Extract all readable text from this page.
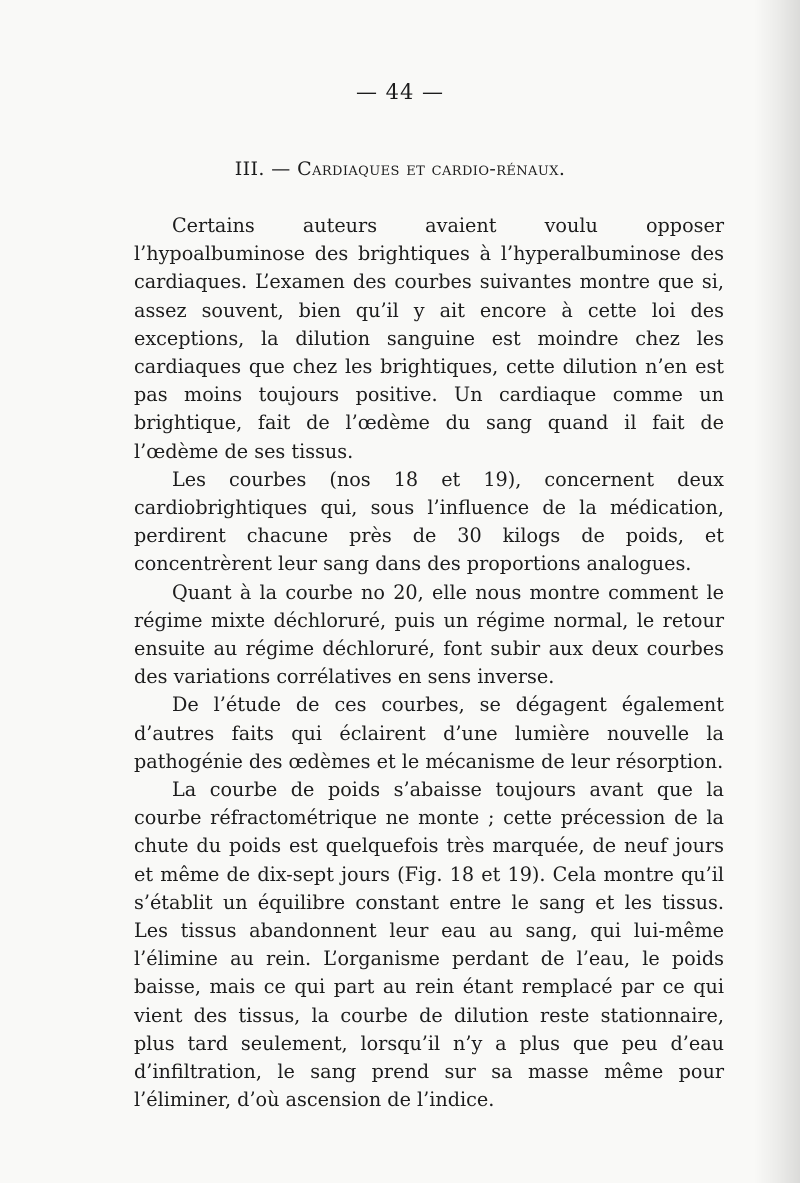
— 44 —
III. — Cardiaques et cardio-rénaux.

Certains auteurs avaient voulu opposer l’hypoalbuminose des brightiques à l’hyperalbuminose des cardiaques. L’examen des courbes suivantes montre que si, assez souvent, bien qu’il y ait encore à cette loi des exceptions, la dilution sanguine est moindre chez les cardiaques que chez les brightiques, cette dilution n’en est pas moins toujours positive. Un cardiaque comme un brightique, fait de l’œdème du sang quand il fait de l’œdème de ses tissus.

Les courbes (nos 18 et 19), concernent deux cardiobrightiques qui, sous l’influence de la médication, perdirent chacune près de 30 kilogs de poids, et concentrèrent leur sang dans des proportions analogues.

Quant à la courbe no 20, elle nous montre comment le régime mixte déchloruré, puis un régime normal, le retour ensuite au régime déchloruré, font subir aux deux courbes des variations corrélatives en sens inverse.

De l’étude de ces courbes, se dégagent également d’autres faits qui éclairent d’une lumière nouvelle la pathogénie des œdèmes et le mécanisme de leur résorption.

La courbe de poids s’abaisse toujours avant que la courbe réfractométrique ne monte ; cette précession de la chute du poids est quelquefois très marquée, de neuf jours et même de dix-sept jours (Fig. 18 et 19). Cela montre qu’il s’établit un équilibre constant entre le sang et les tissus. Les tissus abandonnent leur eau au sang, qui lui-même l’élimine au rein. L’organisme perdant de l’eau, le poids baisse, mais ce qui part au rein étant remplacé par ce qui vient des tissus, la courbe de dilution reste stationnaire, plus tard seulement, lorsqu’il n’y a plus que peu d’eau d’infiltration, le sang prend sur sa masse même pour l’éliminer, d’où ascension de l’indice.
